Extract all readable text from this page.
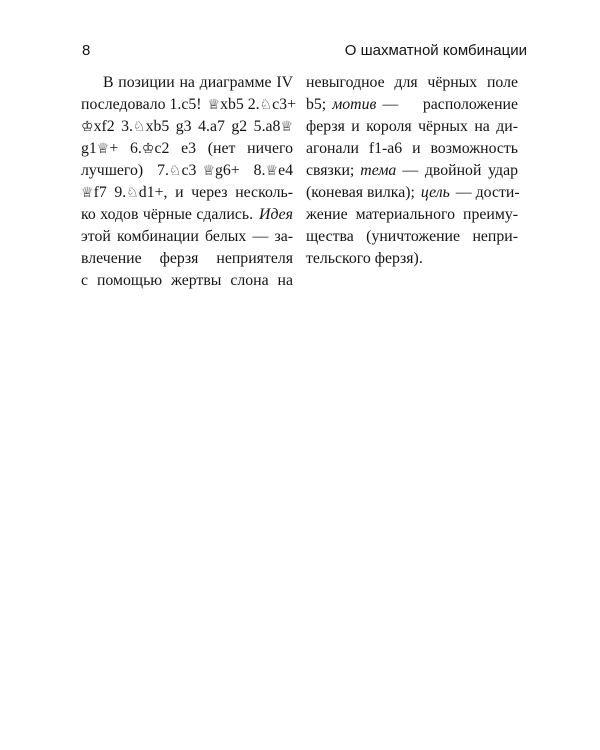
8	О шахматной комбинации
В позиции на диаграмме IV
последовало 1.c5! ♕xb5 2.♘c3+
♔xf2 3.♘xb5 g3 4.a7 g2 5.a8♕
g1♕+ 6.♔c2 e3 (нет ничего
лучшего) 7.♘c3 ♕g6+ 8.♕e4
♕f7 9.♘d1+, и через несколь-
ко ходов чёрные сдались. Идея
этой комбинации белых — за-
влечение ферзя неприятеля
с помощью жертвы слона на
невыгодное для чёрных поле
b5; мотив — расположение
ферзя и короля чёрных на ди-
агонали f1-a6 и возможность
связки; тема — двойной удар
(коневая вилка); цель — дости-
жение материального преиму-
щества (уничтожение непри-
тельского ферзя).
